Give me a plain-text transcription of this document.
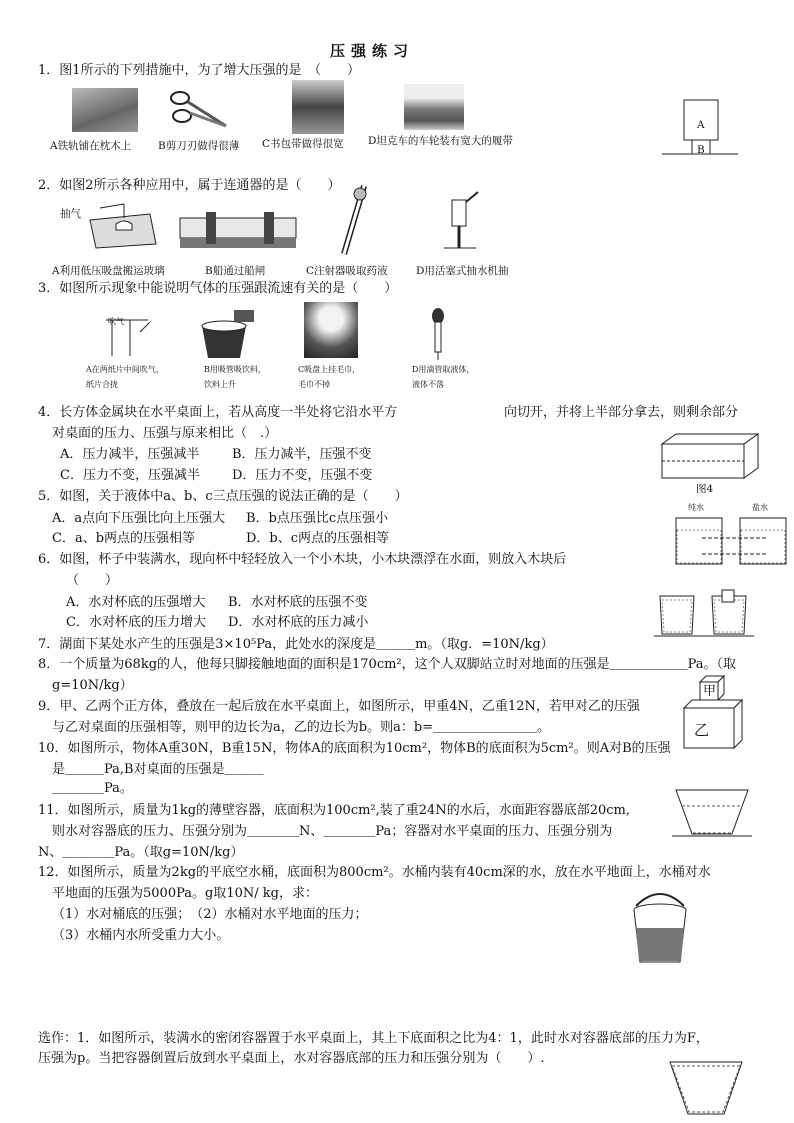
压强练习
1．图1所示的下列措施中，为了增大压强的是　（　　）
A铁轨铺在枕木上	B剪刀刃做得很薄 C书包带做得很宽 D坦克车的车轮装有宽大的履带
A
B
2．如图2所示各种应用中，属于连通器的是（　　）
抽气
A利用低压吸盘搬运玻璃	B船通过船闸	C注射器吸取药液	D用活塞式抽水机抽
3．如图所示现象中能说明气体的压强跟流速有关的是（　　）
吹气
A在两纸片中间吹气，
纸片合拢
B用吸管吸饮料，
饮料上升
C吸盘上挂毛巾，
毛巾不掉
D用滴管取液体，
液体不落
4．长方体金属块在水平桌面上，若从高度一半处将它沿水平方	向切开，并将上半部分拿去，则剩余部分
对桌面的压力、压强与原来相比（　.）
A．压力减半，压强减半	B．压力减半，压强不变
C．压力不变，压强减半 D．压力不变，压强不变
图4
5．如图，关于液体中a、b、c三点压强的说法正确的是（　　）
A．a点向下压强比向上压强大 B．b点压强比c点压强小
C．a、b两点的压强相等	D．b、c两点的压强相等
纯水	盐水
6．如图，杯子中装满水，现向杯中轻轻放入一个小木块，小木块漂浮在水面，则放入木块后
（　　）
A．水对杯底的压强增大 B．水对杯底的压强不变
C．水对杯底的压力增大 D．水对杯底的压力减小
7．湖面下某处水产生的压强是3×10⁵Pa，此处水的深度是＿＿＿m。（取g．=10N/kg）
8．一个质量为68kg的人，他每只脚接触地面的面积是170cm²，这个人双脚站立时对地面的压强是＿＿＿＿＿＿Pa。（取
g=10N/kg）
9．甲、乙两个正方体，叠放在一起后放在水平桌面上，如图所示，甲重4N，乙重12N，若甲对乙的压强
与乙对桌面的压强相等，则甲的边长为a，乙的边长为b。则a：b=＿＿＿＿＿＿＿＿。
甲
乙
10．如图所示，物体A重30N，B重15N，物体A的底面积为10cm²，物体B的底面积为5cm²。则A对B的压强
是＿＿＿Pa,B对桌面的压强是＿＿＿
＿＿＿＿Pa。
11．如图所示，质量为1kg的薄壁容器，底面积为100cm²,装了重24N的水后，水面距容器底部20cm,
则水对容器底的压力、压强分别为＿＿＿＿N、＿＿＿＿Pa；容器对水平桌面的压力、压强分别为
N、＿＿＿＿Pa。（取g=10N/kg）
12．如图所示，质量为2kg的平底空水桶，底面积为800cm²。水桶内装有40cm深的水，放在水平地面上，水桶对水
平地面的压强为5000Pa。g取10N/ kg，求：
（1）水对桶底的压强；　（2）水桶对水平地面的压力；
（3）水桶内水所受重力大小。
选作：1．如图所示，装满水的密闭容器置于水平桌面上，其上下底面积之比为4：1，此时水对容器底部的压力为F，
压强为p。当把容器倒置后放到水平桌面上，水对容器底部的压力和压强分别为（　　）.
